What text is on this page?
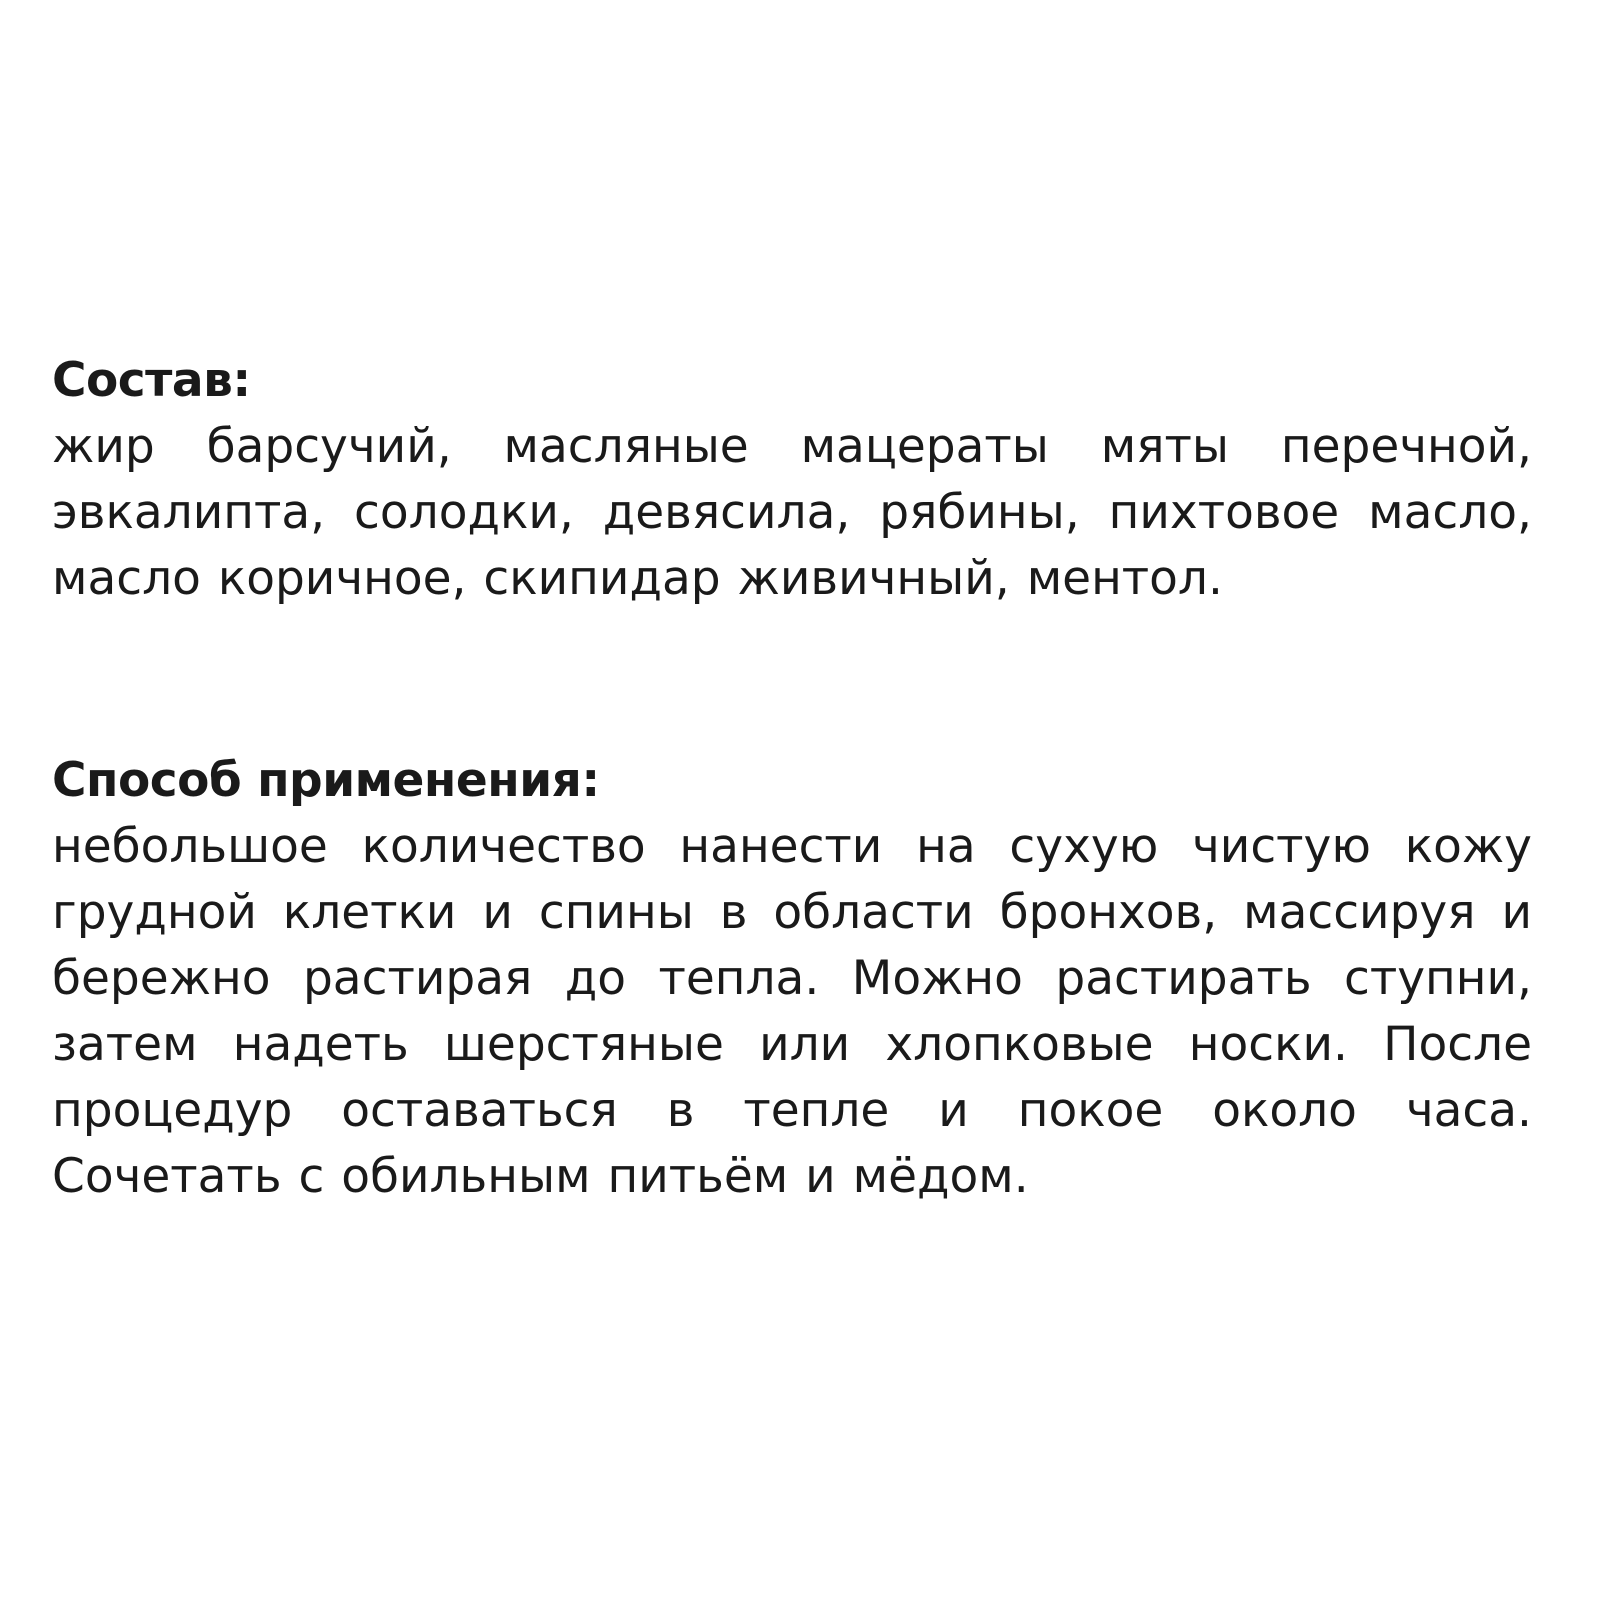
Состав:

жир барсучий, масляные мацераты мяты перечной, эвкалипта, солодки, девясила, рябины, пихтовое масло, масло коричное, скипидар живичный, ментол.

Способ применения:

небольшое количество нанести на сухую чистую кожу грудной клетки и спины в области бронхов, массируя и бережно растирая до тепла. Можно растирать ступни, затем надеть шерстяные или хлопковые носки. После процедур оставаться в тепле и покое около часа. Сочетать с обильным питьём и мёдом.
